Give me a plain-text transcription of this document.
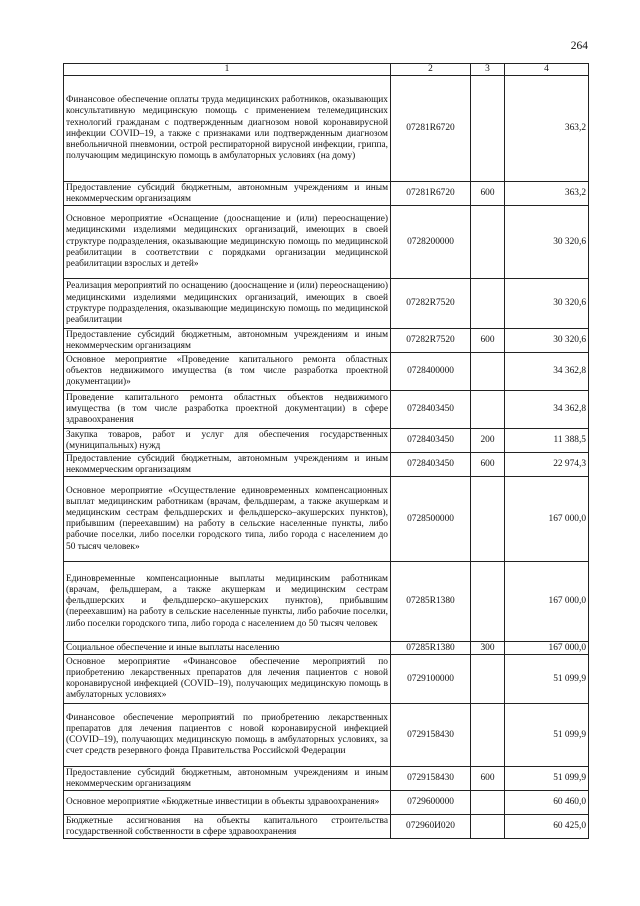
264
1	2	3	4
Финансовое обеспечение оплаты труда медицинских работников, оказывающих консультативную медицинскую помощь с применением телемедицинских технологий гражданам с подтвержденным диагнозом новой коронавирусной инфекции COVID–19, а также с признаками или подтвержденным диагнозом внебольничной пневмонии, острой респираторной вирусной инфекции, гриппа, получающим медицинскую помощь в амбулаторных условиях (на дому)	07281R6720		363,2
Предоставление субсидий бюджетным, автономным учреждениям и иным некоммерческим организациям	07281R6720	600	363,2
Основное мероприятие «Оснащение (дооснащение и (или) переоснащение) медицинскими изделиями медицинских организаций, имеющих в своей структуре подразделения, оказывающие медицинскую помощь по медицинской реабилитации в соответствии с порядками организации медицинской реабилитации взрослых и детей»	0728200000		30 320,6
Реализация мероприятий по оснащению (дооснащение и (или) переоснащению) медицинскими изделиями медицинских организаций, имеющих в своей структуре подразделения, оказывающие медицинскую помощь по медицинской реабилитации	07282R7520		30 320,6
Предоставление субсидий бюджетным, автономным учреждениям и иным некоммерческим организациям	07282R7520	600	30 320,6
Основное мероприятие «Проведение капитального ремонта областных объектов недвижимого имущества (в том числе разработка проектной документации)»	0728400000		34 362,8
Проведение капитального ремонта областных объектов недвижимого имущества (в том числе разработка проектной документации) в сфере здравоохранения	0728403450		34 362,8
Закупка товаров, работ и услуг для обеспечения государственных (муниципальных) нужд	0728403450	200	11 388,5
Предоставление субсидий бюджетным, автономным учреждениям и иным некоммерческим организациям	0728403450	600	22 974,3
Основное мероприятие «Осуществление единовременных компенсационных выплат медицинским работникам (врачам, фельдшерам, а также акушеркам и медицинским сестрам фельдшерских и фельдшерско–акушерских пунктов), прибывшим (переехавшим) на работу в сельские населенные пункты, либо рабочие поселки, либо поселки городского типа, либо города с населением до 50 тысяч человек»	0728500000		167 000,0
Единовременные компенсационные выплаты медицинским работникам (врачам, фельдшерам, а также акушеркам и медицинским сестрам фельдшерских и фельдшерско–акушерских пунктов), прибывшим (переехавшим) на работу в сельские населенные пункты, либо рабочие поселки, либо поселки городского типа, либо города с населением до 50 тысяч человек	07285R1380		167 000,0
Социальное обеспечение и иные выплаты населению	07285R1380	300	167 000,0
Основное мероприятие «Финансовое обеспечение мероприятий по приобретению лекарственных препаратов для лечения пациентов с новой коронавирусной инфекцией (COVID–19), получающих медицинскую помощь в амбулаторных условиях»	0729100000		51 099,9
Финансовое обеспечение мероприятий по приобретению лекарственных препаратов для лечения пациентов с новой коронавирусной инфекцией (COVID–19), получающих медицинскую помощь в амбулаторных условиях, за счет средств резервного фонда Правительства Российской Федерации	0729158430		51 099,9
Предоставление субсидий бюджетным, автономным учреждениям и иным некоммерческим организациям	0729158430	600	51 099,9
Основное мероприятие «Бюджетные инвестиции в объекты здравоохранения»	0729600000		60 460,0
Бюджетные ассигнования на объекты капитального строительства государственной собственности в сфере здравоохранения	072960И020		60 425,0
